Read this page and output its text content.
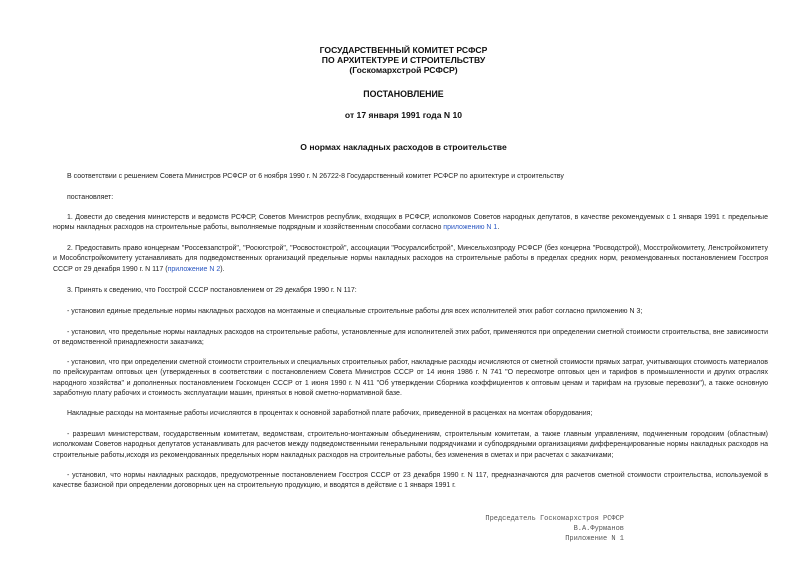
ГОСУДАРСТВЕННЫЙ КОМИТЕТ РСФСР
ПО АРХИТЕКТУРЕ И СТРОИТЕЛЬСТВУ
(Госкомархстрой РСФСР)
ПОСТАНОВЛЕНИЕ
от 17 января 1991 года N 10
О нормах накладных расходов в строительстве

В соответствии с решением Совета Министров РСФСР от 6 ноября 1990 г. N 26722-8 Государственный комитет РСФСР по архитектуре и строительству

постановляет:

1. Довести до сведения министерств и ведомств РСФСР, Советов Министров республик, входящих в РСФСР, исполкомов Советов народных депутатов, в качестве рекомендуемых с 1 января 1991 г. предельные нормы накладных расходов на строительные работы, выполняемые подрядным и хозяйственным способами согласно приложению N 1.

2. Предоставить право концернам "Россевзапстрой", "Росюгстрой", "Росвостокстрой", ассоциации "Росуралсибстрой", Минсельхозпроду РСФСР (без концерна "Росводстрой), Мосстройкомитету, Ленстройкомитету и Мособлстройкомитету устанавливать для подведомственных организаций предельные нормы накладных расходов на строительные работы в пределах средних норм, рекомендованных постановлением Госстроя СССР от 29 декабря 1990 г. N 117 (приложение N 2).

3. Принять к сведению, что Госстрой СССР постановлением от 29 декабря 1990 г. N 117:

- установил единые предельные нормы накладных расходов на монтажные и специальные строительные работы для всех исполнителей этих работ согласно приложению N 3;

- установил, что предельные нормы накладных расходов на строительные работы, установленные для исполнителей этих работ, применяются при определении сметной стоимости строительства, вне зависимости от ведомственной принадлежности заказчика;

- установил, что при определении сметной стоимости строительных и специальных строительных работ, накладные расходы исчисляются от сметной стоимости прямых затрат, учитывающих стоимость материалов по прейскурантам оптовых цен (утвержденных в соответствии с постановлением Совета Министров СССР от 14 июня 1986 г. N 741 "О пересмотре оптовых цен и тарифов в промышленности и других отраслях народного хозяйства" и дополненных постановлением Госкомцен СССР от 1 июня 1990 г. N 411 "Об утверждении Сборника коэффициентов к оптовым ценам и тарифам на грузовые перевозки"), а также основную заработную плату рабочих и стоимость эксплуатации машин, принятых в новой сметно-нормативной базе.

Накладные расходы на монтажные работы исчисляются в процентах к основной заработной плате рабочих, приведенной в расценках на монтаж оборудования;

- разрешил министерствам, государственным комитетам, ведомствам, строительно-монтажным объединениям, строительным комитетам, а также главным управлениям, подчиненным городским (областным) исполкомам Советов народных депутатов устанавливать для расчетов между подведомственными генеральными подрядчиками и субподрядными организациями дифференцированные нормы накладных расходов на строительные работы,исходя из рекомендованных предельных норм накладных расходов на строительные работы, без изменения в сметах и при расчетах с заказчиками;

- установил, что нормы накладных расходов, предусмотренные постановлением Госстроя СССР от 23 декабря 1990 г. N 117, предназначаются для расчетов сметной стоимости строительства, используемой в качестве базисной при определении договорных цен на строительную продукцию, и вводятся в действие с 1 января 1991 г.

Председатель Госкомархстроя РСФСР
В.А.Фурманов
Приложение N 1
